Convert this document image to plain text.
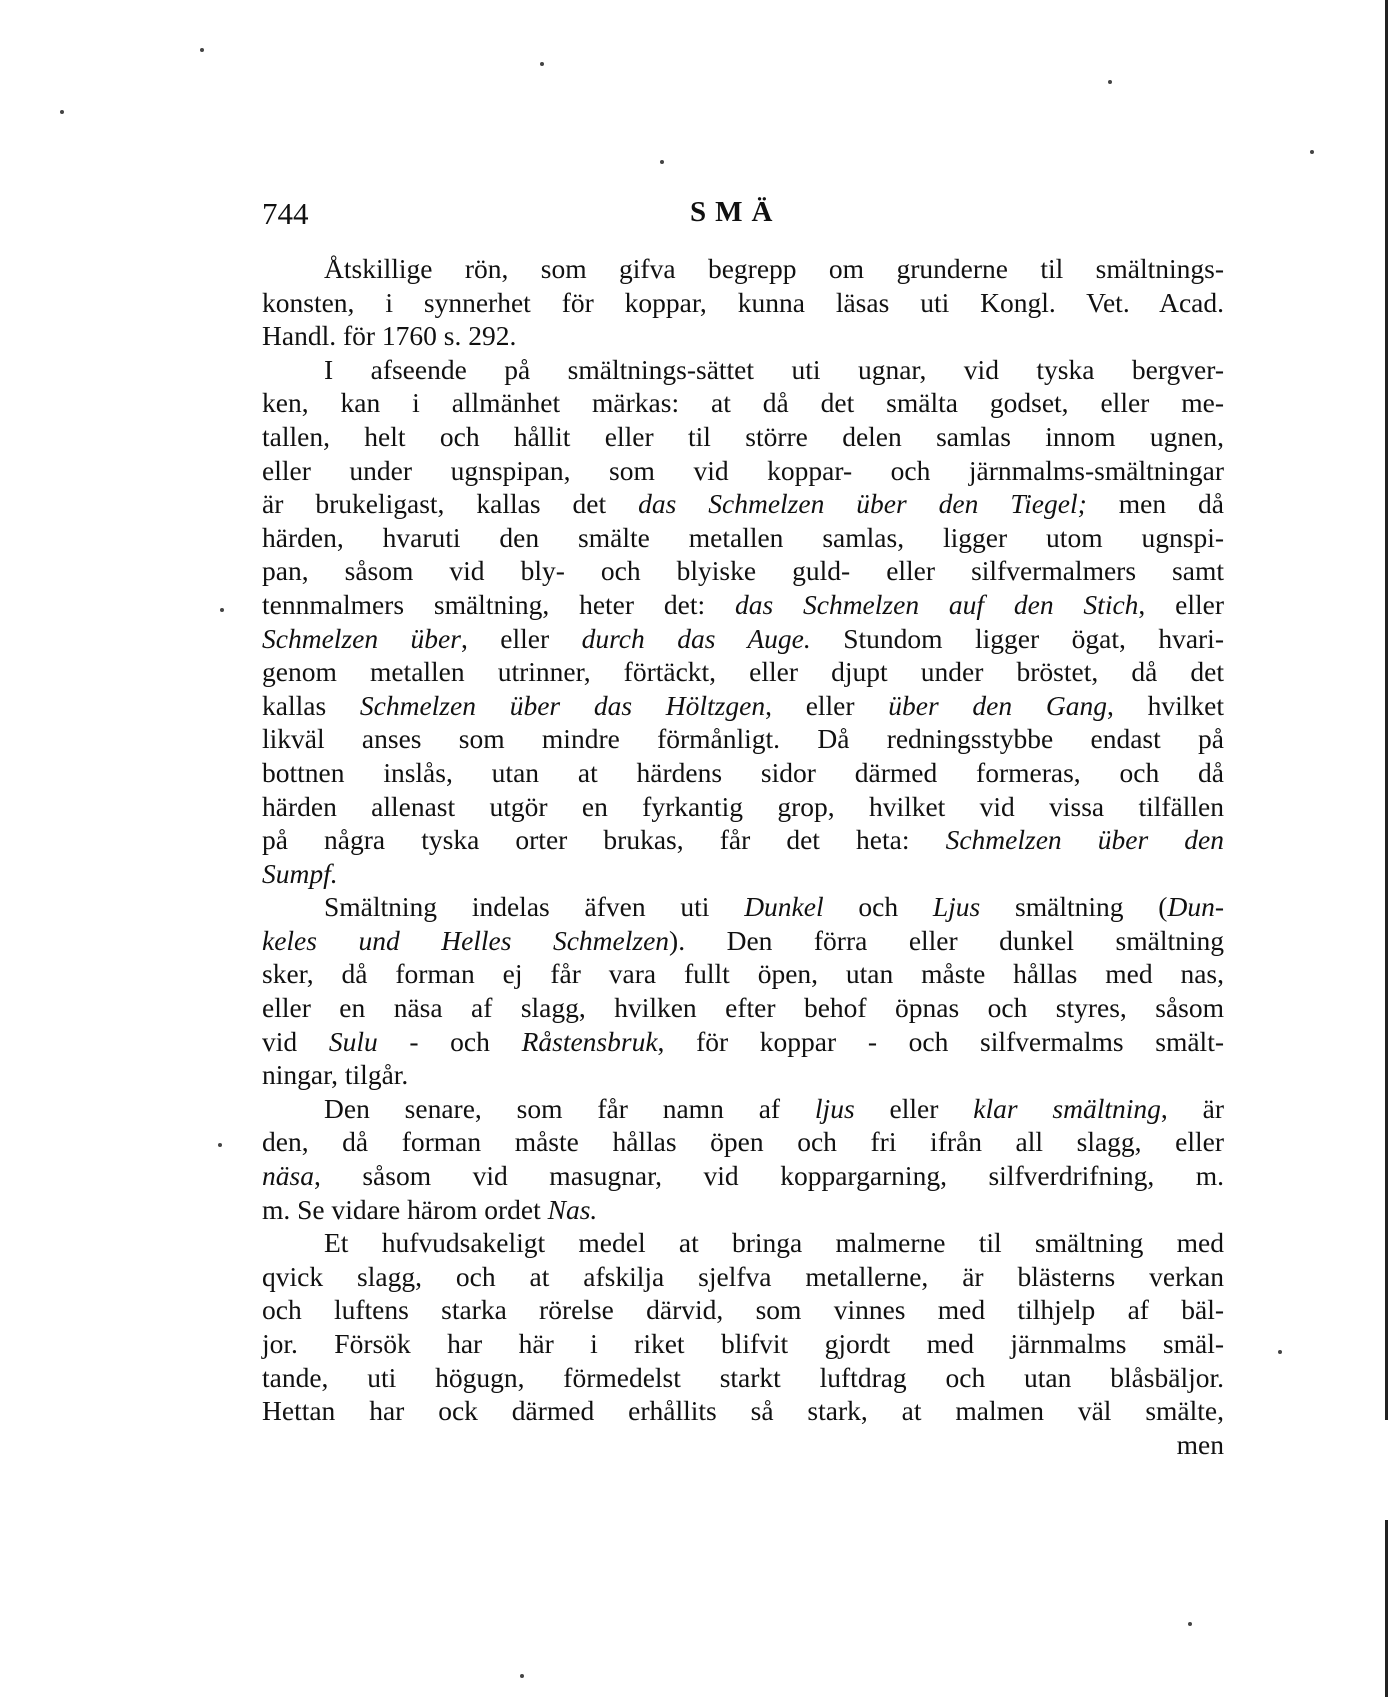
744	SMÄ
Åtskillige rön, som gifva begrepp om grunderne til smältnings-
konsten, i synnerhet för koppar, kunna läsas uti Kongl. Vet. Acad.
Handl. för 1760 s. 292.
I afseende på smältnings-sättet uti ugnar, vid tyska bergver-
ken, kan i allmänhet märkas: at då det smälta godset, eller me-
tallen, helt och hållit eller til större delen samlas innom ugnen,
eller under ugnspipan, som vid koppar- och järnmalms-smältningar
är brukeligast, kallas det das Schmelzen über den Tiegel; men då
härden, hvaruti den smälte metallen samlas, ligger utom ugnspi-
pan, såsom vid bly- och blyiske guld- eller silfvermalmers samt
tennmalmers smältning, heter det: das Schmelzen auf den Stich, eller
Schmelzen über, eller durch das Auge. Stundom ligger ögat, hvari-
genom metallen utrinner, förtäckt, eller djupt under bröstet, då det
kallas Schmelzen über das Höltzgen, eller über den Gang, hvilket
likväl anses som mindre förmånligt. Då redningsstybbe endast på
bottnen inslås, utan at härdens sidor därmed formeras, och då
härden allenast utgör en fyrkantig grop, hvilket vid vissa tilfällen
på några tyska orter brukas, får det heta: Schmelzen über den
Sumpf.
Smältning indelas äfven uti Dunkel och Ljus smältning (Dun-
keles und Helles Schmelzen). Den förra eller dunkel smältning
sker, då forman ej får vara fullt öpen, utan måste hållas med nas,
eller en näsa af slagg, hvilken efter behof öpnas och styres, såsom
vid Sulu - och Råstensbruk, för koppar - och silfvermalms smält-
ningar, tilgår.
Den senare, som får namn af ljus eller klar smältning, är
den, då forman måste hållas öpen och fri ifrån all slagg, eller
näsa, såsom vid masugnar, vid koppargarning, silfverdrifning, m.
m. Se vidare härom ordet Nas.
Et hufvudsakeligt medel at bringa malmerne til smältning med
qvick slagg, och at afskilja sjelfva metallerne, är blästerns verkan
och luftens starka rörelse därvid, som vinnes med tilhjelp af bäl-
jor. Försök har här i riket blifvit gjordt med järnmalms smäl-
tande, uti högugn, förmedelst starkt luftdrag och utan blåsbäljor.
Hettan har ock därmed erhållits så stark, at malmen väl smälte,
men
